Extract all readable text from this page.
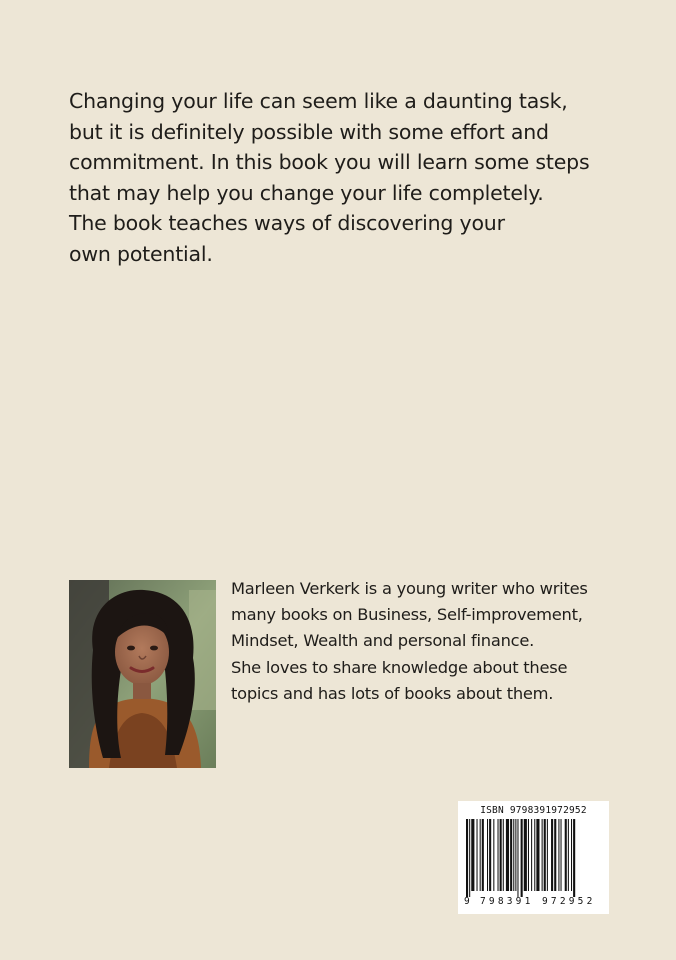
Changing your life can seem like a daunting task,
but it is definitely possible with some effort and
commitment. In this book you will learn some steps
that may help you change your life completely.
The book teaches ways of discovering your
own potential.
Marleen Verkerk is a young writer who writes
many books on Business, Self-improvement,
Mindset, Wealth and personal finance.
She loves to share knowledge about these
topics and has lots of books about them.
ISBN 9798391972952
9 798391 972952
